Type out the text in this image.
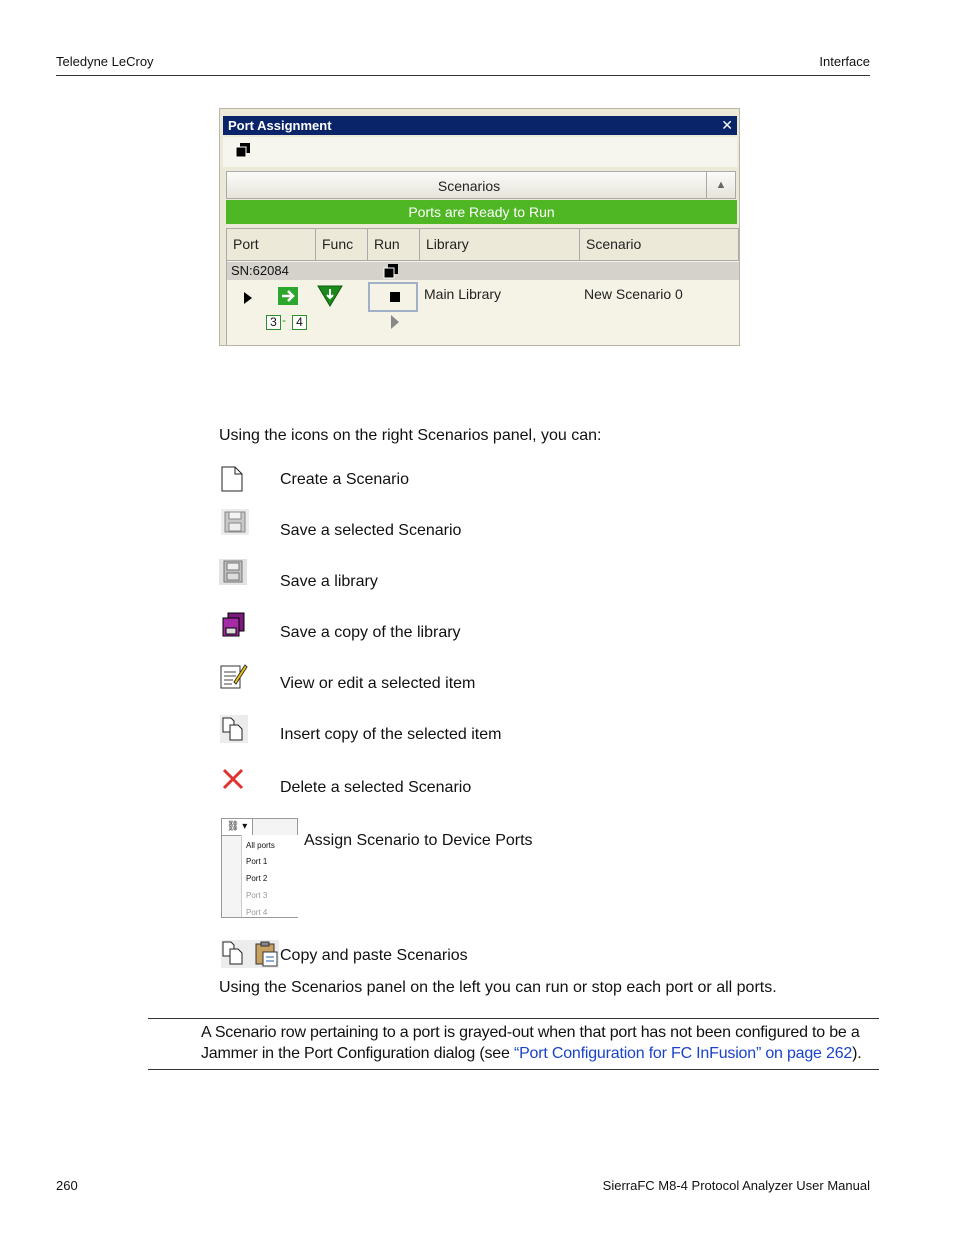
Teledyne LeCroy	Interface
Port Assignment	✕
Scenarios	▲
Ports are Ready to Run
Port	Func	Run	Library	Scenario
SN:62084
Main Library	New Scenario 0
3 - 4
Using the icons on the right Scenarios panel, you can:
Create a Scenario
Save a selected Scenario
Save a library
Save a copy of the library
View or edit a selected item
Insert copy of the selected item
Delete a selected Scenario
⛓ ▾
All ports
Port 1
Port 2
Port 3
Port 4
Assign Scenario to Device Ports
Copy and paste Scenarios
Using the Scenarios panel on the left you can run or stop each port or all ports.
A Scenario row pertaining to a port is grayed-out when that port has not been configured to be a Jammer in the Port Configuration dialog (see “Port Configuration for FC InFusion” on page 262).
260	SierraFC M8-4 Protocol Analyzer User Manual
